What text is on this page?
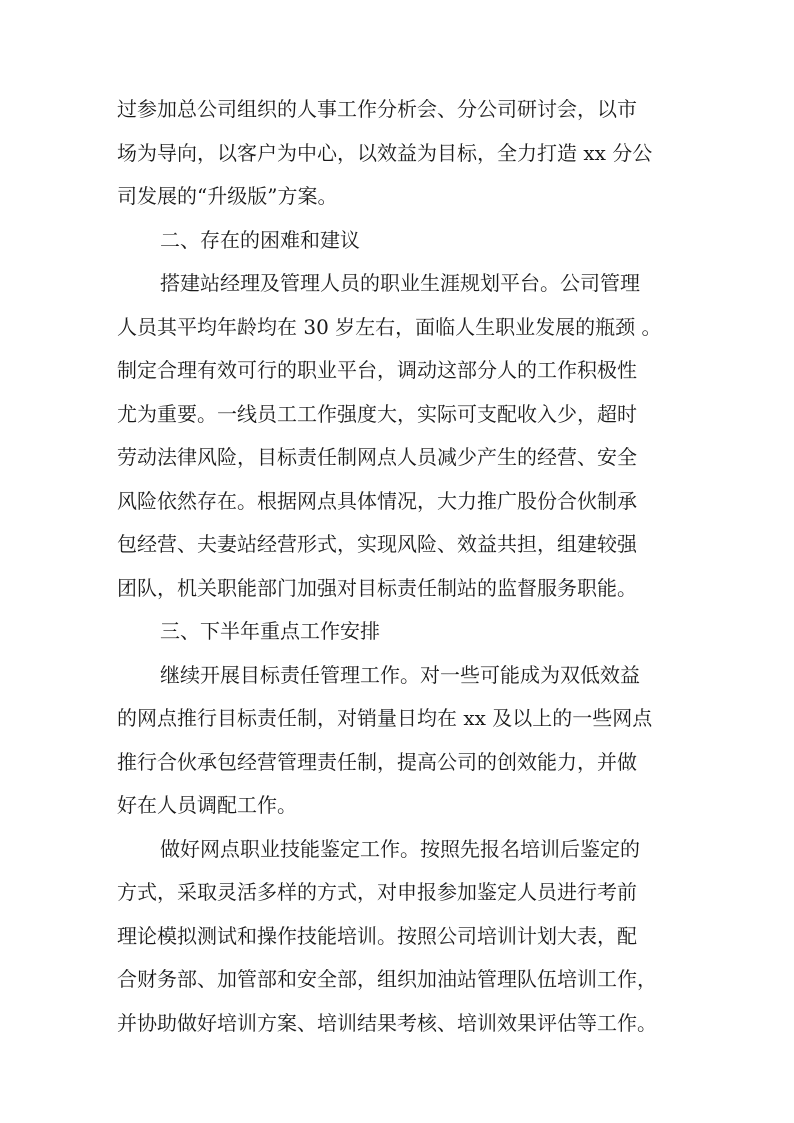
过参加总公司组织的人事工作分析会、分公司研讨会，以市
场为导向，以客户为中心，以效益为目标，全力打造 xx 分公
司发展的“升级版”方案。
二、存在的困难和建议
搭建站经理及管理人员的职业生涯规划平台。公司管理
人员其平均年龄均在 30 岁左右，面临人生职业发展的瓶颈 。
制定合理有效可行的职业平台，调动这部分人的工作积极性
尤为重要。一线员工工作强度大，实际可支配收入少，超时
劳动法律风险，目标责任制网点人员减少产生的经营、安全
风险依然存在。根据网点具体情况，大力推广股份合伙制承
包经营、夫妻站经营形式，实现风险、效益共担，组建较强
团队，机关职能部门加强对目标责任制站的监督服务职能。
三、下半年重点工作安排
继续开展目标责任管理工作。对一些可能成为双低效益
的网点推行目标责任制，对销量日均在 xx 及以上的一些网点
推行合伙承包经营管理责任制，提高公司的创效能力，并做
好在人员调配工作。
做好网点职业技能鉴定工作。按照先报名培训后鉴定的
方式，采取灵活多样的方式，对申报参加鉴定人员进行考前
理论模拟测试和操作技能培训。按照公司培训计划大表，配
合财务部、加管部和安全部，组织加油站管理队伍培训工作，
并协助做好培训方案、培训结果考核、培训效果评估等工作。
